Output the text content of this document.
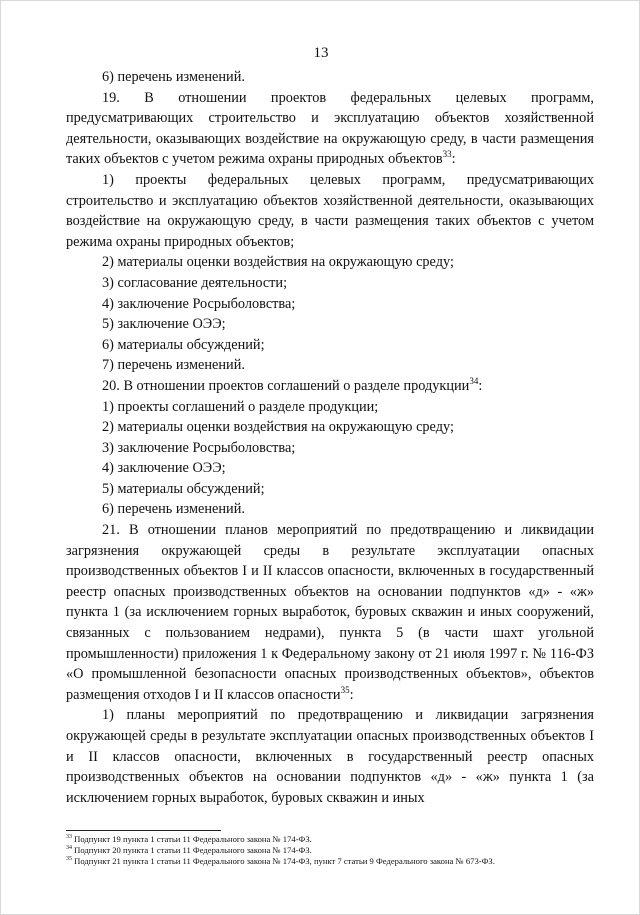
13

6) перечень изменений.

19. В отношении проектов федеральных целевых программ, предусматривающих строительство и эксплуатацию объектов хозяйственной деятельности, оказывающих воздействие на окружающую среду, в части размещения таких объектов с учетом режима охраны природных объектов$^{33}$:

1) проекты федеральных целевых программ, предусматривающих строительство и эксплуатацию объектов хозяйственной деятельности, оказывающих воздействие на окружающую среду, в части размещения таких объектов с учетом режима охраны природных объектов;

2) материалы оценки воздействия на окружающую среду;

3) согласование деятельности;

4) заключение Росрыболовства;

5) заключение ОЭЭ;

6) материалы обсуждений;

7) перечень изменений.

20. В отношении проектов соглашений о разделе продукции$^{34}$:

1) проекты соглашений о разделе продукции;

2) материалы оценки воздействия на окружающую среду;

3) заключение Росрыболовства;

4) заключение ОЭЭ;

5) материалы обсуждений;

6) перечень изменений.

21. В отношении планов мероприятий по предотвращению и ликвидации загрязнения окружающей среды в результате эксплуатации опасных производственных объектов I и II классов опасности, включенных в государственный реестр опасных производственных объектов на основании подпунктов «д» - «ж» пункта 1 (за исключением горных выработок, буровых скважин и иных сооружений, связанных с пользованием недрами), пункта 5 (в части шахт угольной промышленности) приложения 1 к Федеральному закону от 21 июля 1997 г. № 116-ФЗ «О промышленной безопасности опасных производственных объектов», объектов размещения отходов I и II классов опасности$^{35}$:

1) планы мероприятий по предотвращению и ликвидации загрязнения окружающей среды в результате эксплуатации опасных производственных объектов I и II классов опасности, включенных в государственный реестр опасных производственных объектов на основании подпунктов «д» - «ж» пункта 1 (за исключением горных выработок, буровых скважин и иных

$^{33}$ Подпункт 19 пункта 1 статьи 11 Федерального закона № 174-ФЗ.

$^{34}$ Подпункт 20 пункта 1 статьи 11 Федерального закона № 174-ФЗ.

$^{35}$ Подпункт 21 пункта 1 статьи 11 Федерального закона № 174-ФЗ, пункт 7 статьи 9 Федерального закона № 673-ФЗ.
